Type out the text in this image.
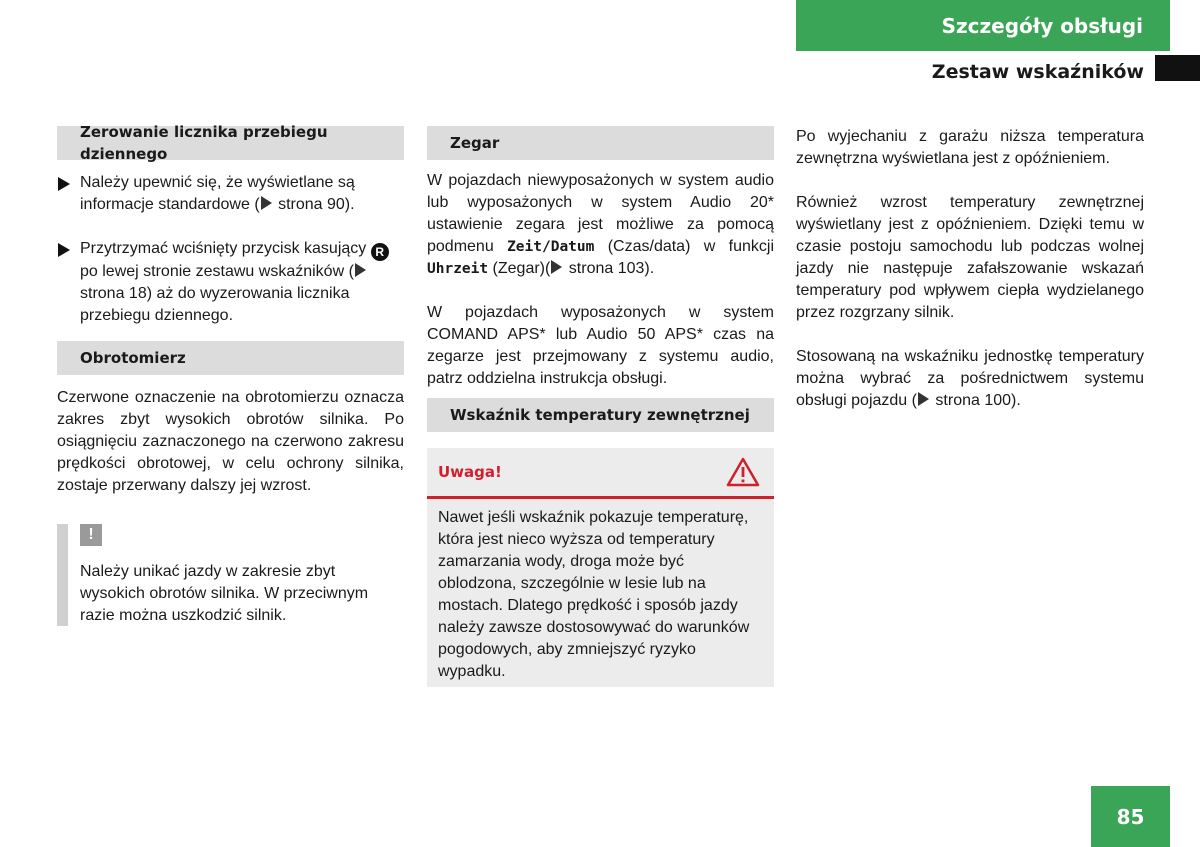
Szczegóły obsługi
Zestaw wskaźników
Zerowanie licznika przebiegu dziennego

Należy upewnić się, że wyświetlane są informacje standardowe ( strona 90).

Przytrzymać wciśnięty przycisk kasujący R po lewej stronie zestawu wskaźników ( strona 18) aż do wyzerowania licznika przebiegu dziennego.

Obrotomierz

Czerwone oznaczenie na obrotomierzu oznacza zakres zbyt wysokich obrotów silnika. Po osiągnięciu zaznaczonego na czerwono zakresu prędkości obrotowej, w celu ochrony silnika, zostaje przerwany dalszy jej wzrost.

!

Należy unikać jazdy w zakresie zbyt wysokich obrotów silnika. W przeciwnym razie można uszkodzić silnik.

Zegar

W pojazdach niewyposażonych w system audio lub wyposażonych w system Audio 20* ustawienie zegara jest możliwe za pomocą podmenu Zeit/Datum (Czas/data) w funkcji Uhrzeit (Zegar)( strona 103).

W pojazdach wyposażonych w system COMAND APS* lub Audio 50 APS* czas na zegarze jest przejmowany z systemu audio, patrz oddzielna instrukcja obsługi.

Wskaźnik temperatury zewnętrznej
Uwaga!

Nawet jeśli wskaźnik pokazuje temperaturę, która jest nieco wyższa od temperatury zamarzania wody, droga może być oblodzona, szczególnie w lesie lub na mostach. Dlatego prędkość i sposób jazdy należy zawsze dostosowywać do warunków pogodowych, aby zmniejszyć ryzyko wypadku.

Po wyjechaniu z garażu niższa temperatura zewnętrzna wyświetlana jest z opóźnieniem.

Również wzrost temperatury zewnętrznej wyświetlany jest z opóźnieniem. Dzięki temu w czasie postoju samochodu lub podczas wolnej jazdy nie następuje zafałszowanie wskazań temperatury pod wpływem ciepła wydzielanego przez rozgrzany silnik.

Stosowaną na wskaźniku jednostkę temperatury można wybrać za pośrednictwem systemu obsługi pojazdu ( strona 100).

85
